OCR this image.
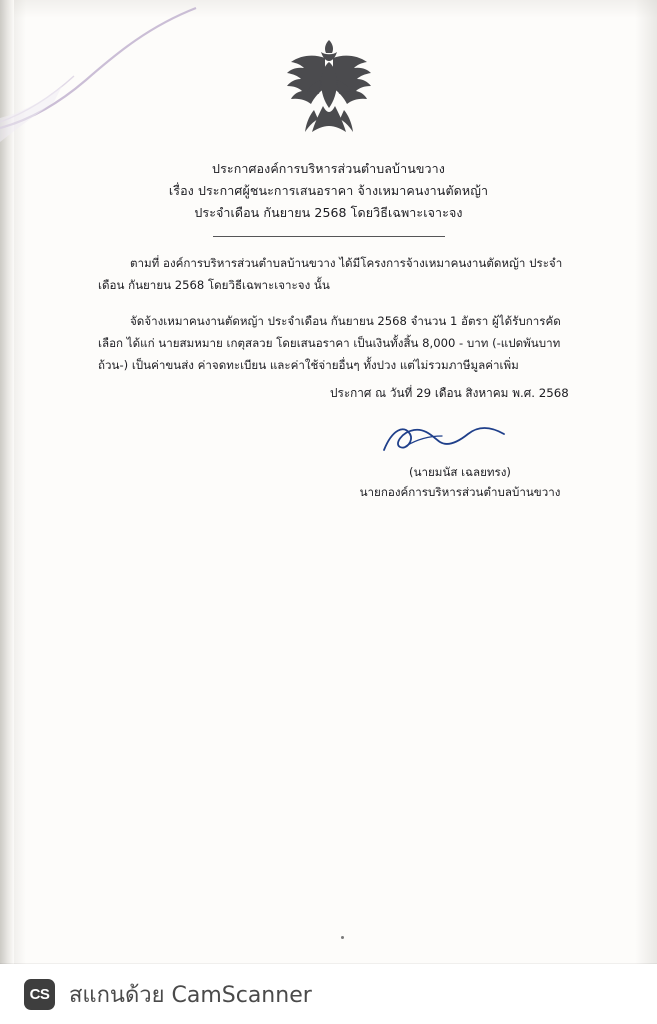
ประกาศองค์การบริหารส่วนตำบลบ้านขวาง
เรื่อง ประกาศผู้ชนะการเสนอราคา จ้างเหมาคนงานตัดหญ้า
ประจำเดือน กันยายน 2568 โดยวิธีเฉพาะเจาะจง

ตามที่ องค์การบริหารส่วนตำบลบ้านขวาง ได้มีโครงการจ้างเหมาคนงานตัดหญ้า ประจำเดือน กันยายน 2568 โดยวิธีเฉพาะเจาะจง นั้น

จัดจ้างเหมาคนงานตัดหญ้า ประจำเดือน กันยายน 2568 จำนวน 1 อัตรา ผู้ได้รับการคัดเลือก ได้แก่ นายสมหมาย เกตุสลวย โดยเสนอราคา เป็นเงินทั้งสิ้น 8,000 - บาท (-แปดพันบาทถ้วน-) เป็นค่าขนส่ง ค่าจดทะเบียน และค่าใช้จ่ายอื่นๆ ทั้งปวง แต่ไม่รวมภาษีมูลค่าเพิ่ม

ประกาศ ณ วันที่ 29 เดือน สิงหาคม พ.ศ. 2568
(นายมนัส เฉลยทรง)
นายกองค์การบริหารส่วนตำบลบ้านขวาง
CS สแกนด้วย CamScanner
